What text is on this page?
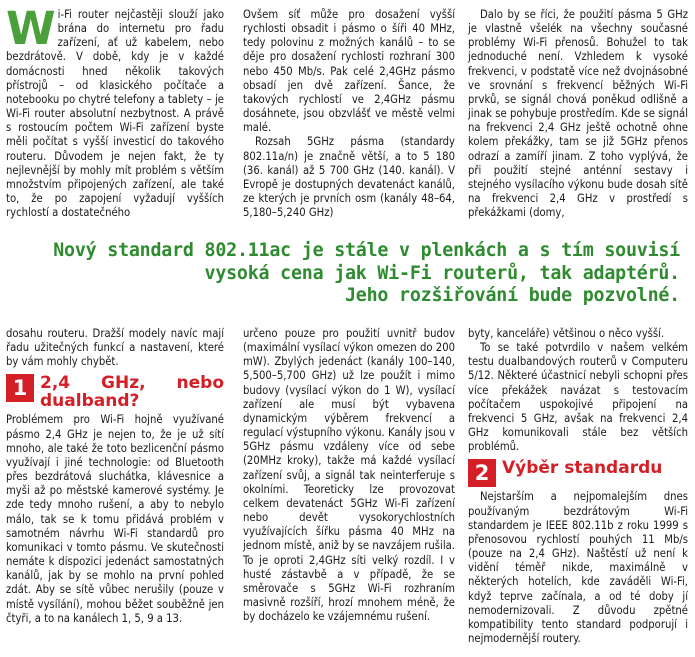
W i-Fi router nejčastěji slouží jako brána do internetu pro řadu zařízení, ať už kabelem, nebo bezdrátově. V době, kdy je v každé domácnosti hned několik takových přístrojů – od klasického počítače a notebooku po chytré telefony a tablety – je Wi-Fi router absolutní nezbytnost. A právě s rostoucím počtem Wi-Fi zařízení byste měli počítat s vyšší investicí do takového routeru. Důvodem je nejen fakt, že ty nejlevnější by mohly mít problém s větším množstvím připojených zařízení, ale také to, že po zapojení vyžadují vyšších rychlostí a dostatečného

Ovšem síť může pro dosažení vyšší rychlosti obsadit i pásmo o šíři 40 MHz, tedy polovinu z možných kanálů – to se děje pro dosažení rychlosti rozhraní 300 nebo 450 Mb/s. Pak celé 2,4GHz pásmo obsadí jen dvě zařízení. Šance, že takových rychlostí ve 2,4GHz pásmu dosáhnete, jsou obzvlášť ve městě velmi malé.

Rozsah 5GHz pásma (standardy 802.11a/n) je značně větší, a to 5 180 (36. kanál) až 5 700 GHz (140. kanál). V Evropě je dostupných devatenáct kanálů, ze kterých je prvních osm (kanály 48–64, 5,180–5,240 GHz)

Dalo by se říci, že použití pásma 5 GHz je vlastně všelék na všechny současné problémy Wi-Fi přenosů. Bohužel to tak jednoduché není. Vzhledem k vysoké frekvenci, v podstatě více než dvojnásobné ve srovnání s frekvencí běžných Wi-Fi prvků, se signál chová poněkud odlišně a jinak se pohybuje prostředím. Kde se signál na frekvenci 2,4 GHz ještě ochotně ohne kolem překážky, tam se již 5GHz přenos odrazí a zamíří jinam. Z toho vyplývá, že při použití stejné anténní sestavy i stejného vysílacího výkonu bude dosah sítě na frekvenci 2,4 GHz v prostředí s překážkami (domy,

Nový standard 802.11ac je stále v plenkách a s tím souvisí
vysoká cena jak Wi-Fi routerů, tak adaptérů.
Jeho rozšiřování bude pozvolné.

dosahu routeru. Dražší modely navíc mají řadu užitečných funkcí a nastavení, které by vám mohly chybět.

1 2,4 GHz, nebo dualband?

Problémem pro Wi-Fi hojně využívané pásmo 2,4 GHz je nejen to, že je už sítí mnoho, ale také že toto bezlicenční pásmo využívají i jiné technologie: od Bluetooth přes bezdrátová sluchátka, klávesnice a myši až po městské kamerové systémy. Je zde tedy mnoho rušení, a aby to nebylo málo, tak se k tomu přidává problém v samotném návrhu Wi-Fi standardů pro komunikaci v tomto pásmu. Ve skutečnosti nemáte k dispozici jedenáct samostatných kanálů, jak by se mohlo na první pohled zdát. Aby se sítě vůbec nerušily (pouze v místě vysílání), mohou běžet souběžně jen čtyři, a to na kanálech 1, 5, 9 a 13.

určeno pouze pro použití uvnitř budov (maximální vysílací výkon omezen do 200 mW). Zbylých jedenáct (kanály 100–140, 5,500–5,700 GHz) už lze použít i mimo budovy (vysílací výkon do 1 W), vysílací zařízení ale musí být vybavena dynamickým výběrem frekvencí a regulací výstupního výkonu. Kanály jsou v 5GHz pásmu vzdáleny více od sebe (20MHz kroky), takže má každé vysílací zařízení svůj, a signál tak neinterferuje s okolními. Teoreticky lze provozovat celkem devatenáct 5GHz Wi-Fi zařízení nebo devět vysokorychlostních využívajících šířku pásma 40 MHz na jednom místě, aniž by se navzájem rušila. To je oproti 2,4GHz síti velký rozdíl. I v husté zástavbě a v případě, že se směrovače s 5GHz Wi-Fi rozhraním masivně rozšíří, hrozí mnohem méně, že by docházelo ke vzájemnému rušení.

byty, kanceláře) většinou o něco vyšší.

To se také potvrdilo v našem velkém testu dualbandových routerů v Computeru 5/12. Některé účastnicí nebyli schopni přes více překážek navázat s testovacím počítačem uspokojivé připojení na frekvenci 5 GHz, avšak na frekvenci 2,4 GHz komunikovali stále bez větších problémů.

2 Výběr standardu

Nejstarším a nejpomalejším dnes používaným bezdrátovým Wi-Fi standardem je IEEE 802.11b z roku 1999 s přenosovou rychlostí pouhých 11 Mb/s (pouze na 2,4 GHz). Naštěstí už není k vidění téměř nikde, maximálně v některých hotelích, kde zaváděli Wi-Fi, když teprve začínala, a od té doby jí nemodernizovali. Z důvodu zpětné kompatibility tento standard podporují i nejmodernější routery.
